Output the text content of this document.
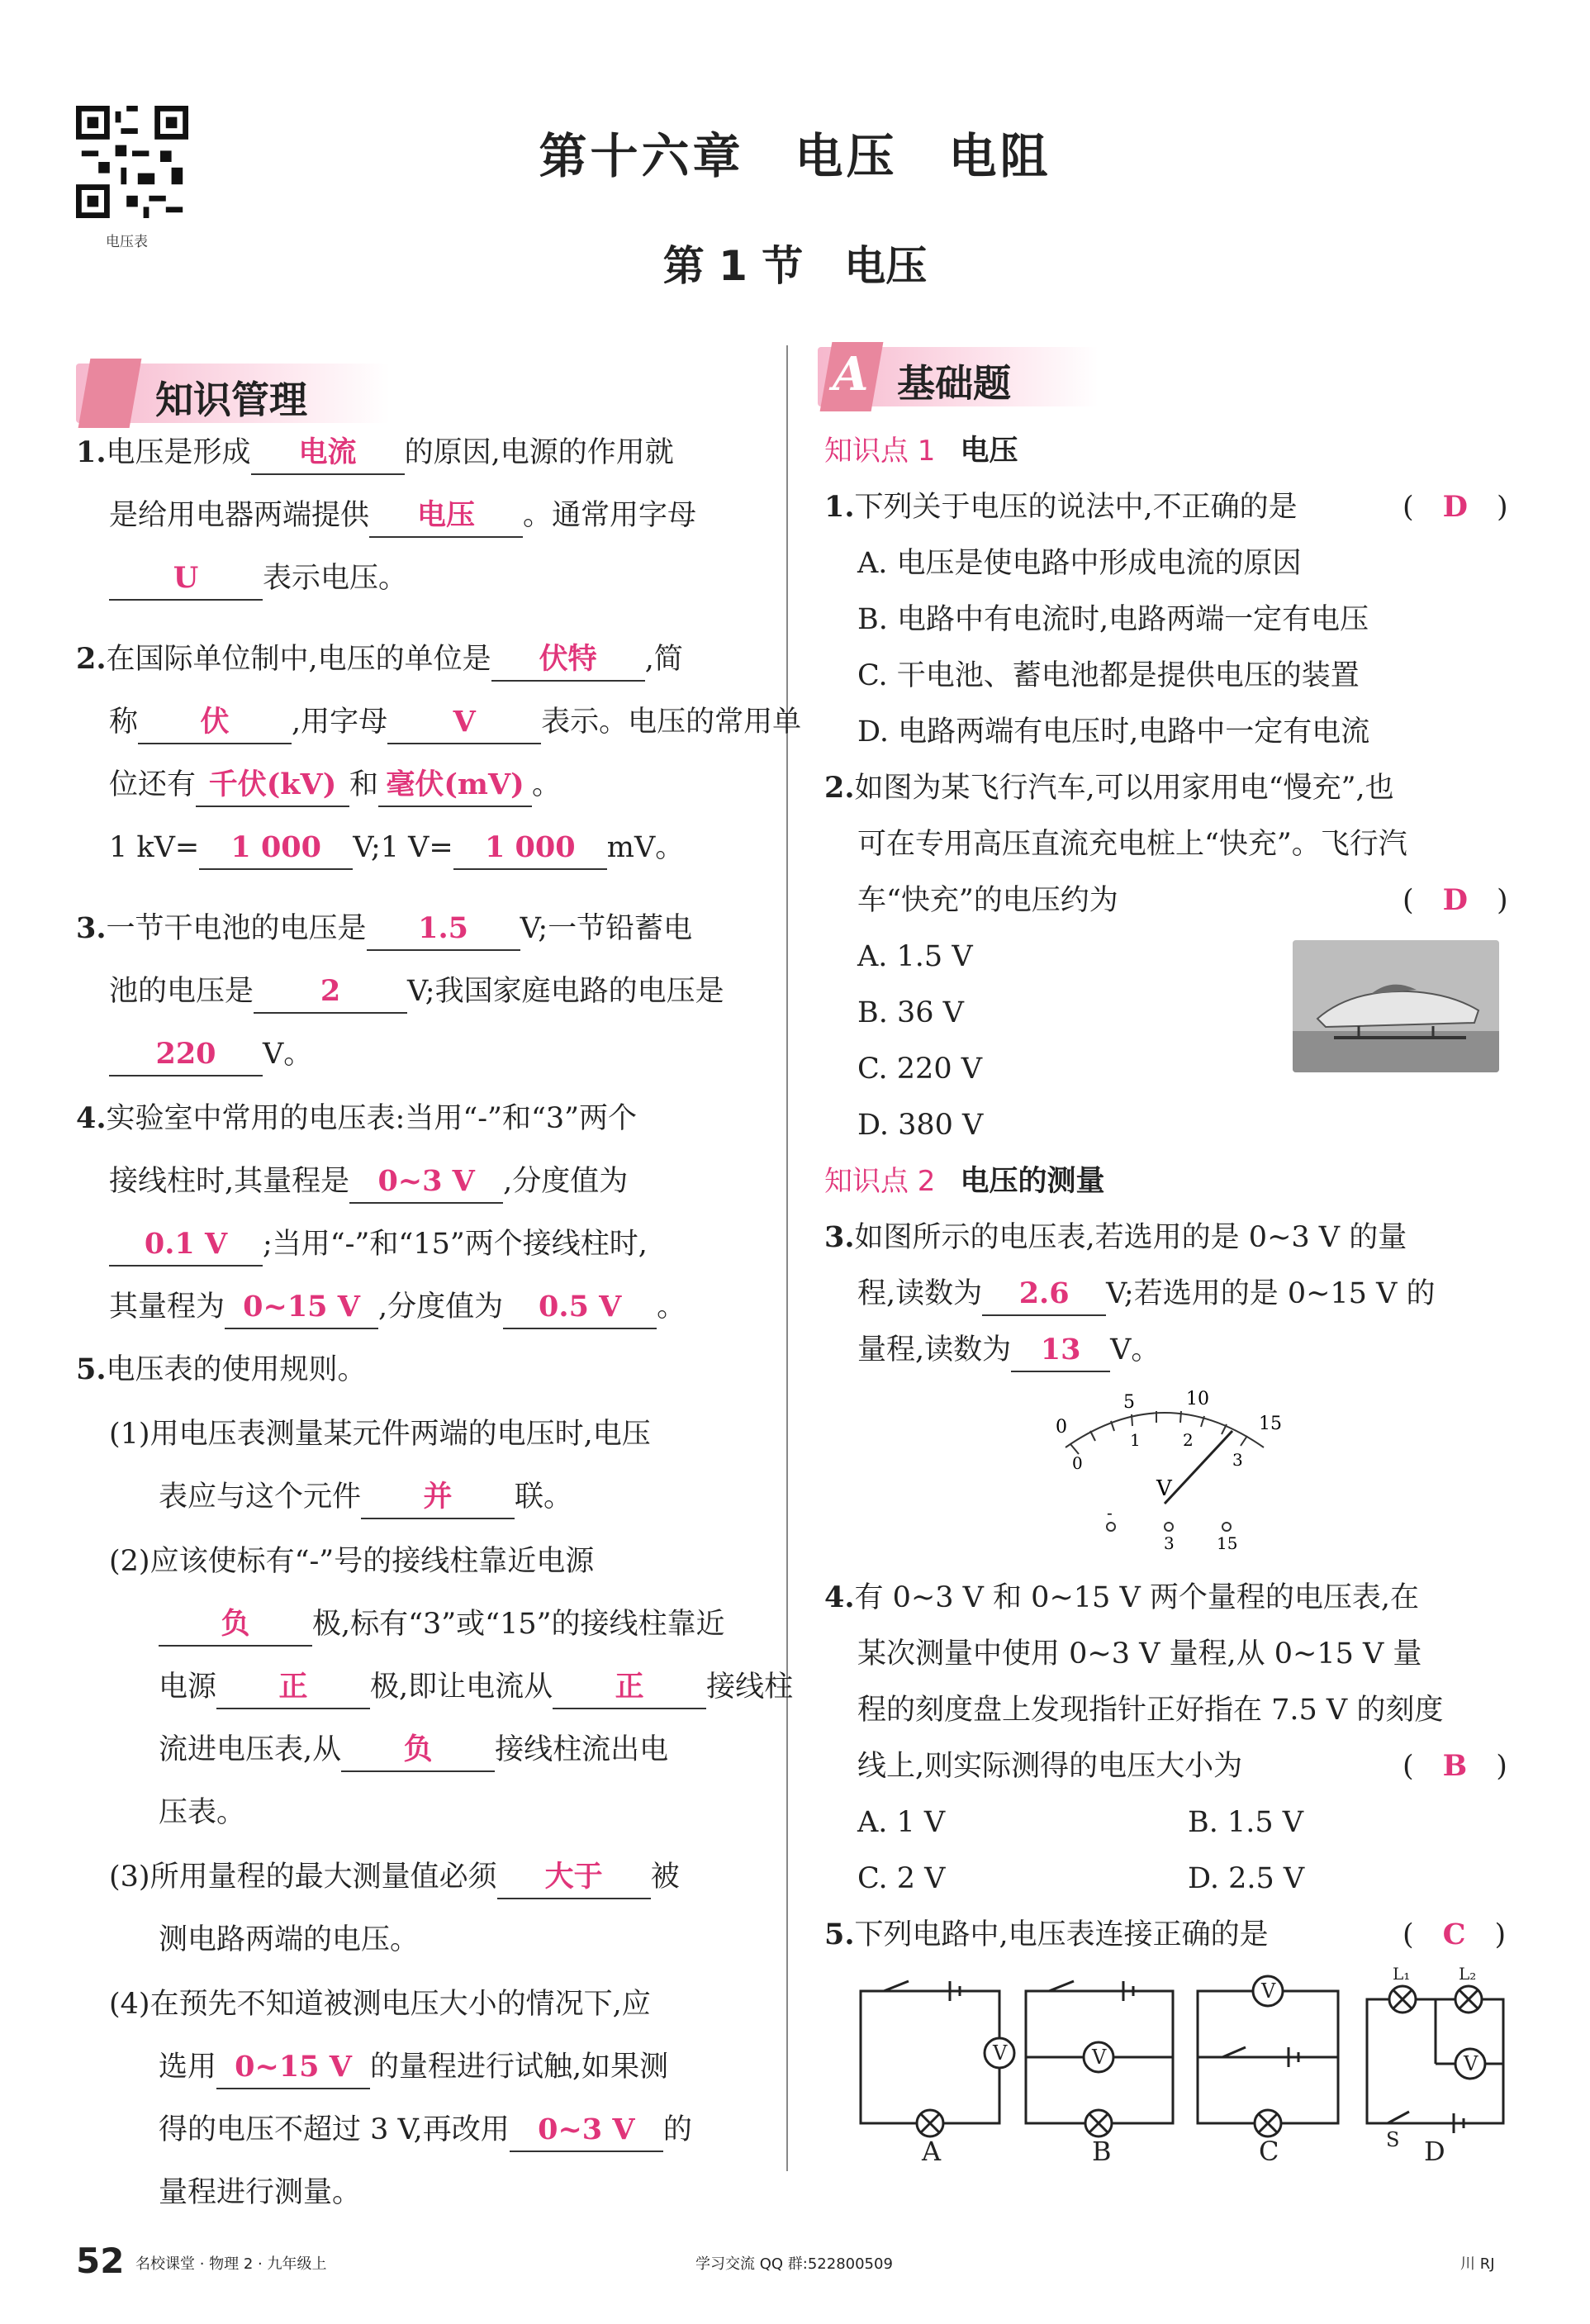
电压表
第十六章　电压　电阻
第 1 节　电压
知识管理
1.电压是形成 电流 的原因,电源的作用就
是给用电器两端提供 电压 。通常用字母
U 表示电压。
2.在国际单位制中,电压的单位是 伏特 ,简
称 伏 ,用字母 V 表示。电压的常用单
位还有 千伏(kV) 和 毫伏(mV) 。
1 kV= 1 000 V;1 V= 1 000 mV。
3.一节干电池的电压是 1.5 V;一节铅蓄电
池的电压是 2 V;我国家庭电路的电压是
220 V。
4.实验室中常用的电压表:当用“-”和“3”两个
接线柱时,其量程是 0~3 V ,分度值为
0.1 V ;当用“-”和“15”两个接线柱时,
其量程为 0~15 V ,分度值为 0.5 V 。
5.电压表的使用规则。
(1)用电压表测量某元件两端的电压时,电压
表应与这个元件 并 联。
(2)应该使标有“-”号的接线柱靠近电源
负 极,标有“3”或“15”的接线柱靠近
电源 正 极,即让电流从 正 接线柱
流进电压表,从 负 接线柱流出电
压表。
(3)所用量程的最大测量值必须 大于 被
测电路两端的电压。
(4)在预先不知道被测电压大小的情况下,应
选用 0~15 V 的量程进行试触,如果测
得的电压不超过 3 V,再改用 0~3 V 的
量程进行测量。
A 基础题
知识点 1 电压
1.下列关于电压的说法中,不正确的是	(　D　)
A. 电压是使电路中形成电流的原因
B. 电路中有电流时,电路两端一定有电压
C. 干电池、蓄电池都是提供电压的装置
D. 电路两端有电压时,电路中一定有电流
2.如图为某飞行汽车,可以用家用电“慢充”,也
可在专用高压直流充电桩上“快充”。飞行汽
车“快充”的电压约为	(　D　)
A. 1.5 V
B. 36 V
C. 220 V
D. 380 V
知识点 2 电压的测量
3.如图所示的电压表,若选用的是 0~3 V 的量
程,读数为 2.6 V;若选用的是 0~15 V 的
量程,读数为 13 V。
4.有 0~3 V 和 0~15 V 两个量程的电压表,在
某次测量中使用 0~3 V 量程,从 0~15 V 量
程的刻度盘上发现指针正好指在 7.5 V 的刻度
线上,则实际测得的电压大小为	(　B　)
A. 1 V	B. 1.5 V
C. 2 V	D. 2.5 V
5.下列电路中,电压表连接正确的是	(　C　)
0
5	10
15
0
1	2
3
V
-
3	15
V	V
V
V
L₁	L₂
S
A	B	C	D
52 名校课堂 · 物理 2 · 九年级上	学习交流 QQ 群:522800509	川 RJ
